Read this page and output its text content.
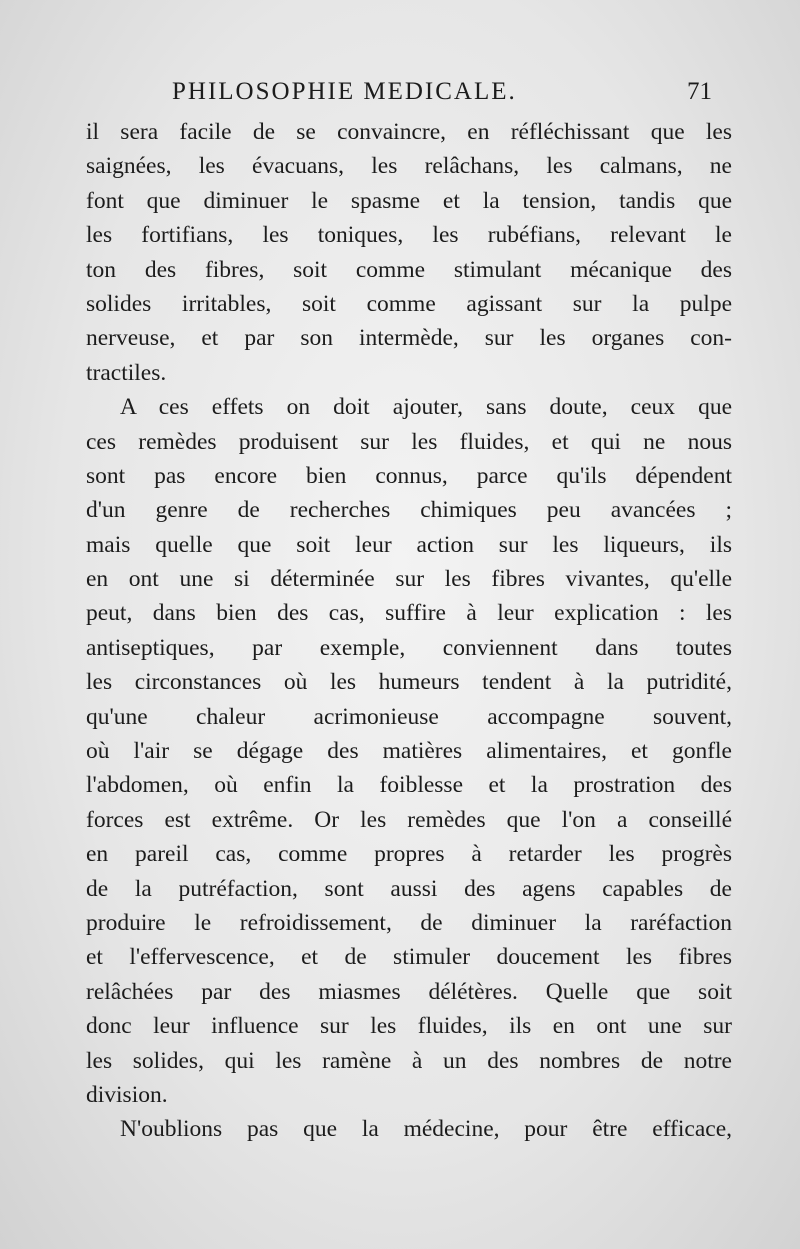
PHILOSOPHIE MEDICALE.	71
il sera facile de se convaincre, en réfléchissant que les
saignées, les évacuans, les relâchans, les calmans, ne
font que diminuer le spasme et la tension, tandis que
les fortifians, les toniques, les rubéfians, relevant le
ton des fibres, soit comme stimulant mécanique des
solides irritables, soit comme agissant sur la pulpe
nerveuse, et par son intermède, sur les organes con-
tractiles.
A ces effets on doit ajouter, sans doute, ceux que
ces remèdes produisent sur les fluides, et qui ne nous
sont pas encore bien connus, parce qu'ils dépendent
d'un genre de recherches chimiques peu avancées ;
mais quelle que soit leur action sur les liqueurs, ils
en ont une si déterminée sur les fibres vivantes, qu'elle
peut, dans bien des cas, suffire à leur explication : les
antiseptiques, par exemple, conviennent dans toutes
les circonstances où les humeurs tendent à la putridité,
qu'une chaleur acrimonieuse accompagne souvent,
où l'air se dégage des matières alimentaires, et gonfle
l'abdomen, où enfin la foiblesse et la prostration des
forces est extrême. Or les remèdes que l'on a conseillé
en pareil cas, comme propres à retarder les progrès
de la putréfaction, sont aussi des agens capables de
produire le refroidissement, de diminuer la raréfaction
et l'effervescence, et de stimuler doucement les fibres
relâchées par des miasmes délétères. Quelle que soit
donc leur influence sur les fluides, ils en ont une sur
les solides, qui les ramène à un des nombres de notre
division.
N'oublions pas que la médecine, pour être efficace,
